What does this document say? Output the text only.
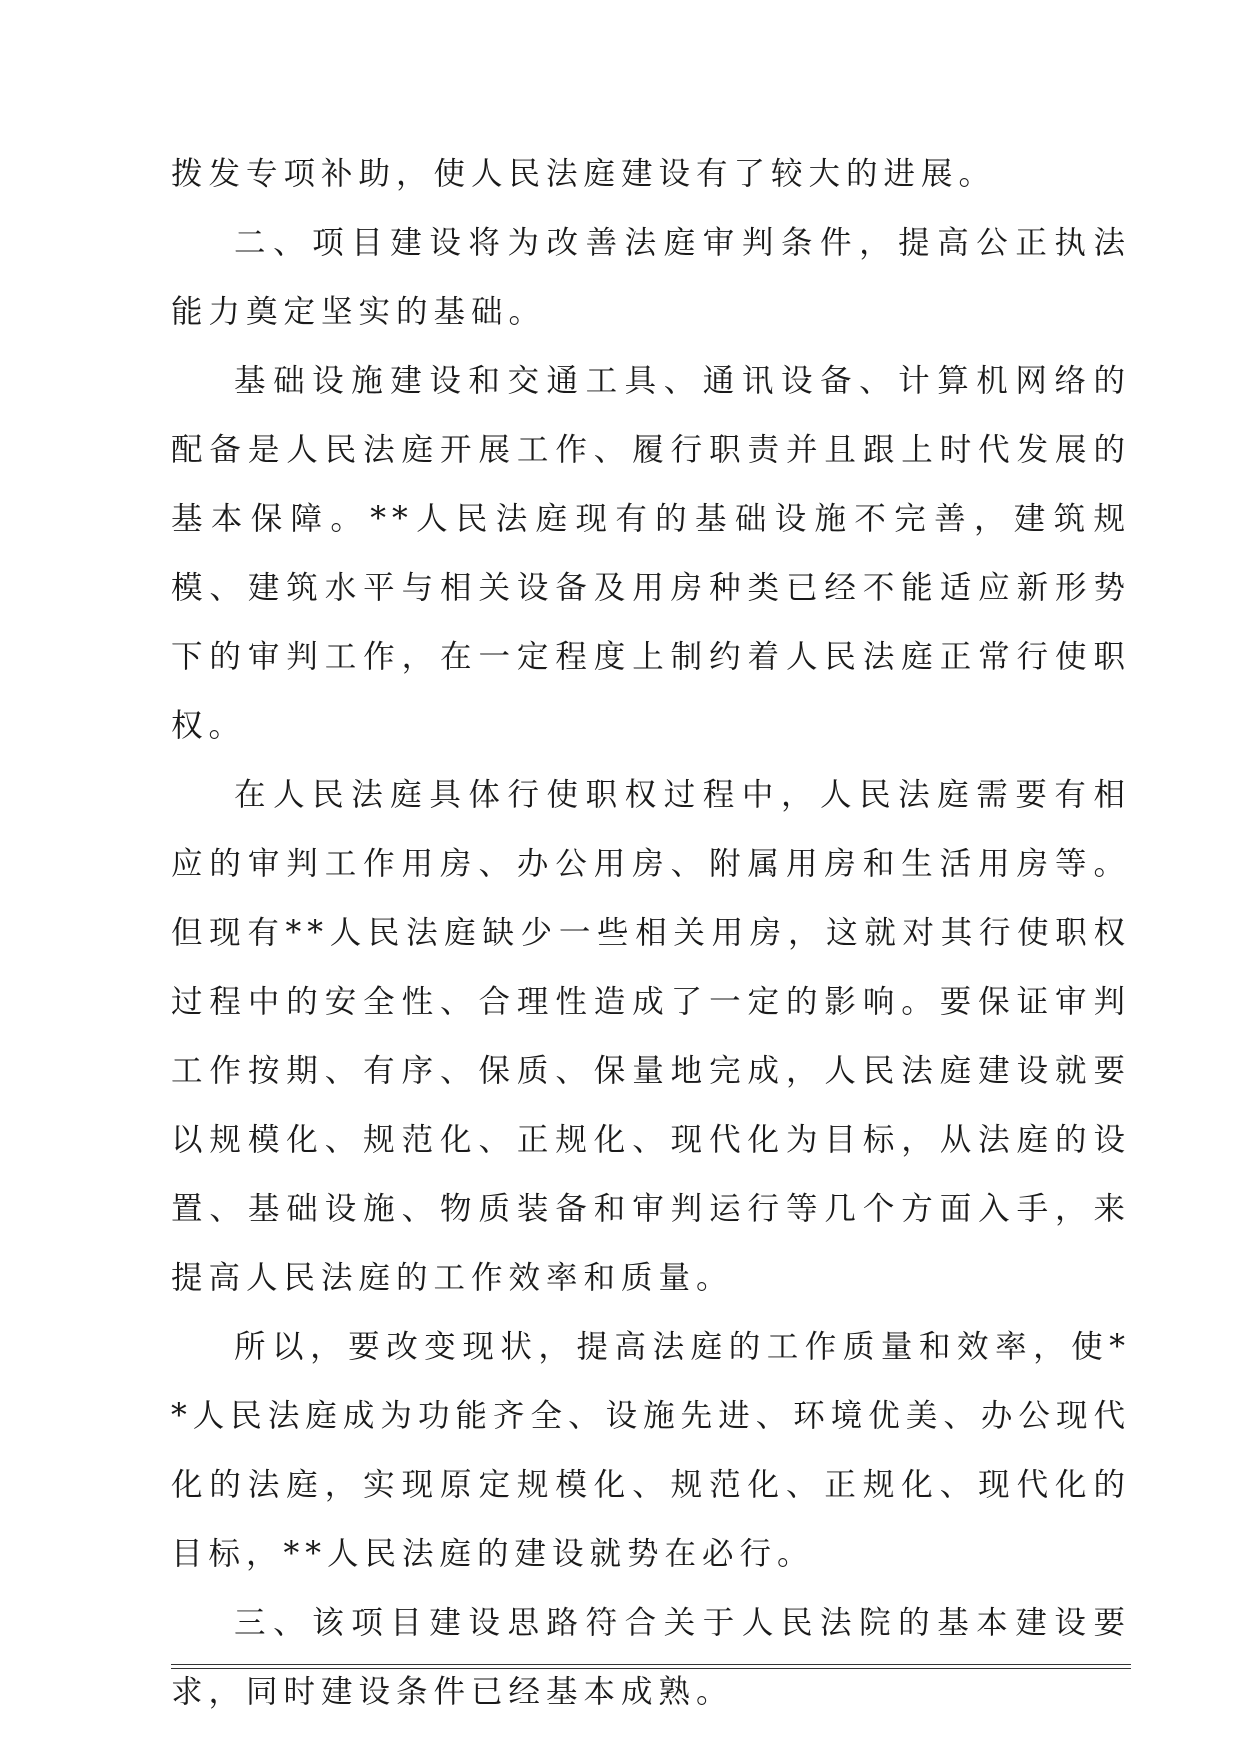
拨发专项补助，使人民法庭建设有了较大的进展。

二、项目建设将为改善法庭审判条件，提高公正执法能力奠定坚实的基础。

基础设施建设和交通工具、通讯设备、计算机网络的配备是人民法庭开展工作、履行职责并且跟上时代发展的基本保障。**人民法庭现有的基础设施不完善，建筑规模、建筑水平与相关设备及用房种类已经不能适应新形势下的审判工作，在一定程度上制约着人民法庭正常行使职权。

在人民法庭具体行使职权过程中，人民法庭需要有相应的审判工作用房、办公用房、附属用房和生活用房等。但现有**人民法庭缺少一些相关用房，这就对其行使职权过程中的安全性、合理性造成了一定的影响。要保证审判工作按期、有序、保质、保量地完成，人民法庭建设就要以规模化、规范化、正规化、现代化为目标，从法庭的设置、基础设施、物质装备和审判运行等几个方面入手，来提高人民法庭的工作效率和质量。

所以，要改变现状，提高法庭的工作质量和效率，使**人民法庭成为功能齐全、设施先进、环境优美、办公现代化的法庭，实现原定规模化、规范化、正规化、现代化的目标，**人民法庭的建设就势在必行。

三、该项目建设思路符合关于人民法院的基本建设要求，同时建设条件已经基本成熟。
